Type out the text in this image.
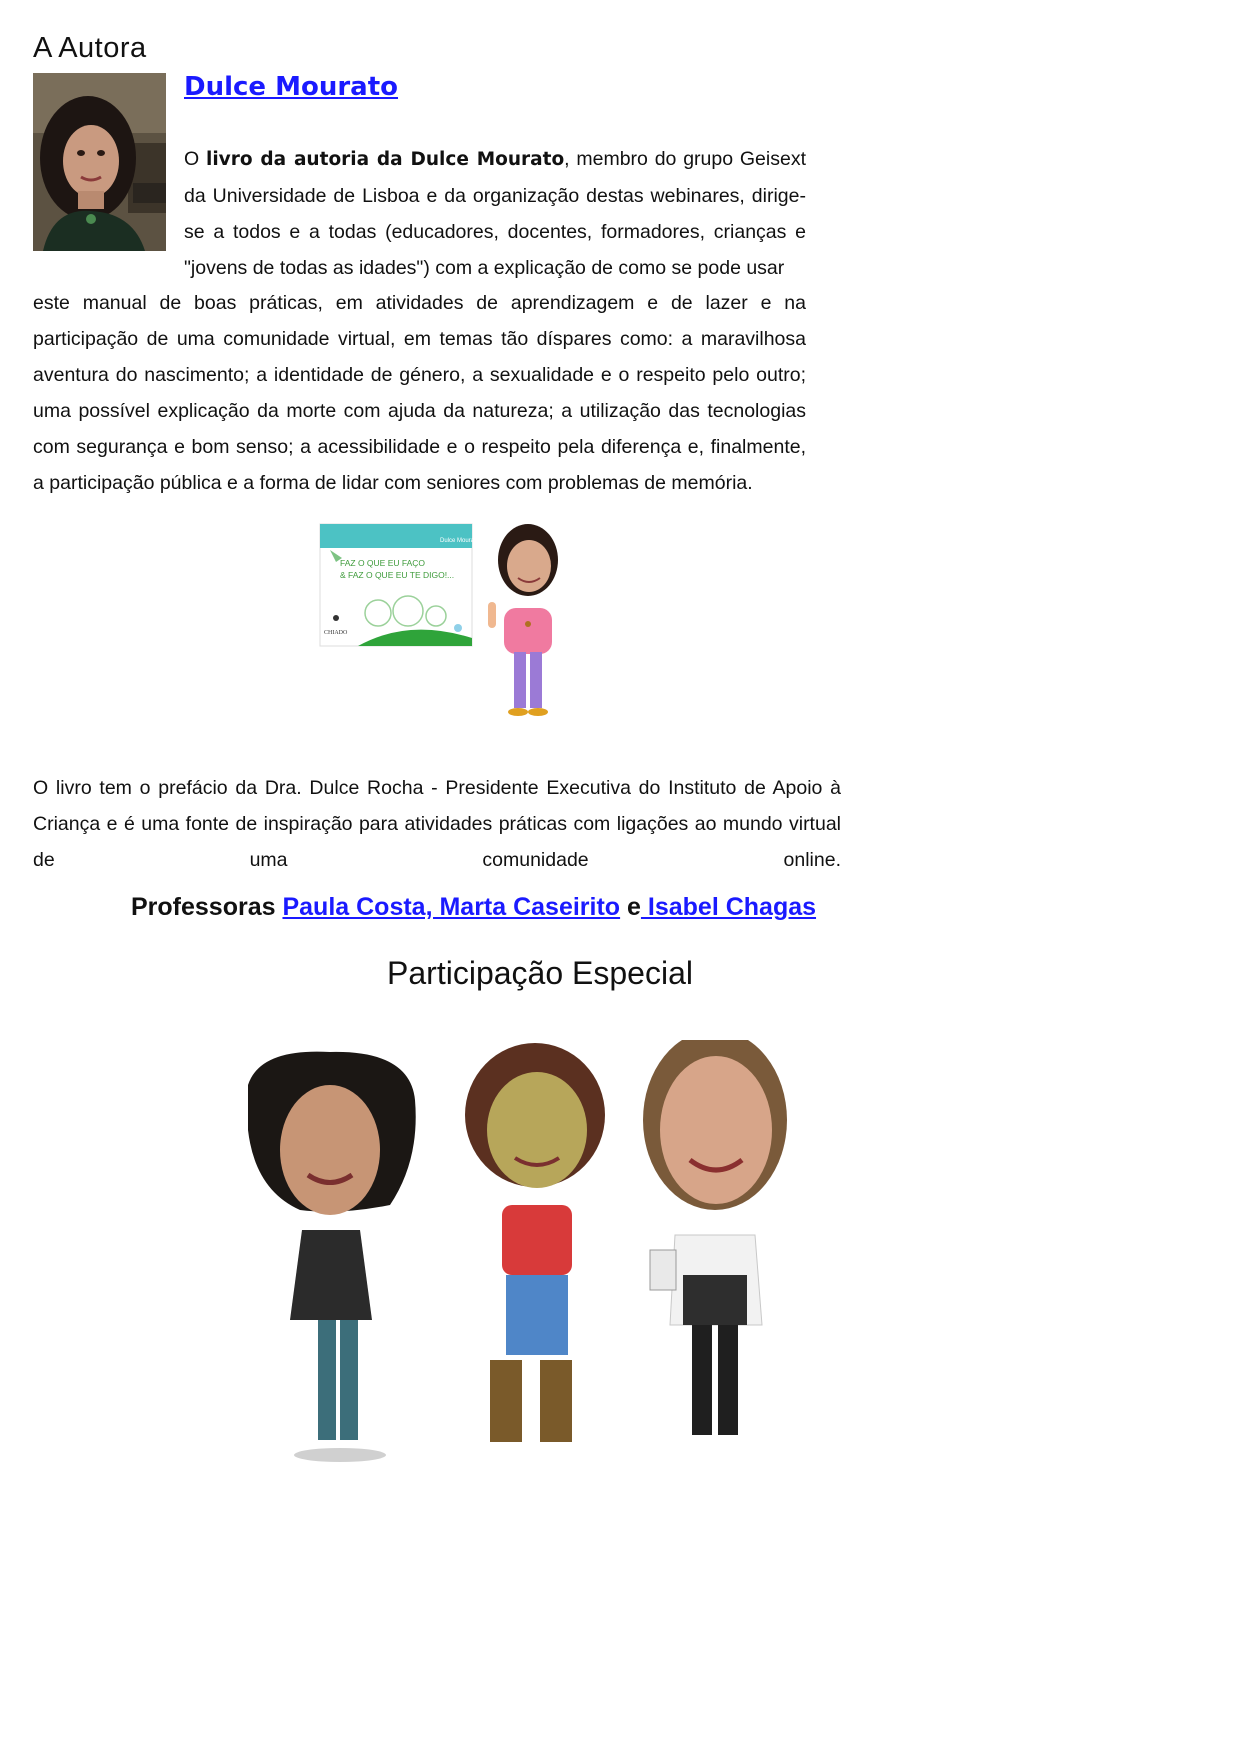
A Autora
Dulce Mourato
O livro da autoria da Dulce Mourato, membro do grupo Geisext da Universidade de Lisboa e da organização destas webinares, dirige-se a todos e a todas (educadores, docentes, formadores, crianças e "jovens de todas as idades") com a explicação de como se pode usar
este manual de boas práticas, em atividades de aprendizagem e de lazer e na
participação de uma comunidade virtual, em temas tão díspares como: a maravilhosa
aventura do nascimento; a identidade de género, a sexualidade e o respeito pelo outro;
uma possível explicação da morte com ajuda da natureza; a utilização das tecnologias
com segurança e bom senso; a acessibilidade e o respeito pela diferença e, finalmente,
a participação pública e a forma de lidar com seniores com problemas de memória.
Dulce Mourato
FAZ O QUE EU FAÇO
& FAZ O QUE EU TE DIGO!...
CHIADO
O livro tem o prefácio da Dra. Dulce Rocha - Presidente Executiva do Instituto de Apoio à
Criança e é uma fonte de inspiração para atividades práticas com ligações ao mundo virtual
de uma comunidade online.
Professoras Paula Costa, Marta Caseirito e Isabel Chagas
Participação Especial
